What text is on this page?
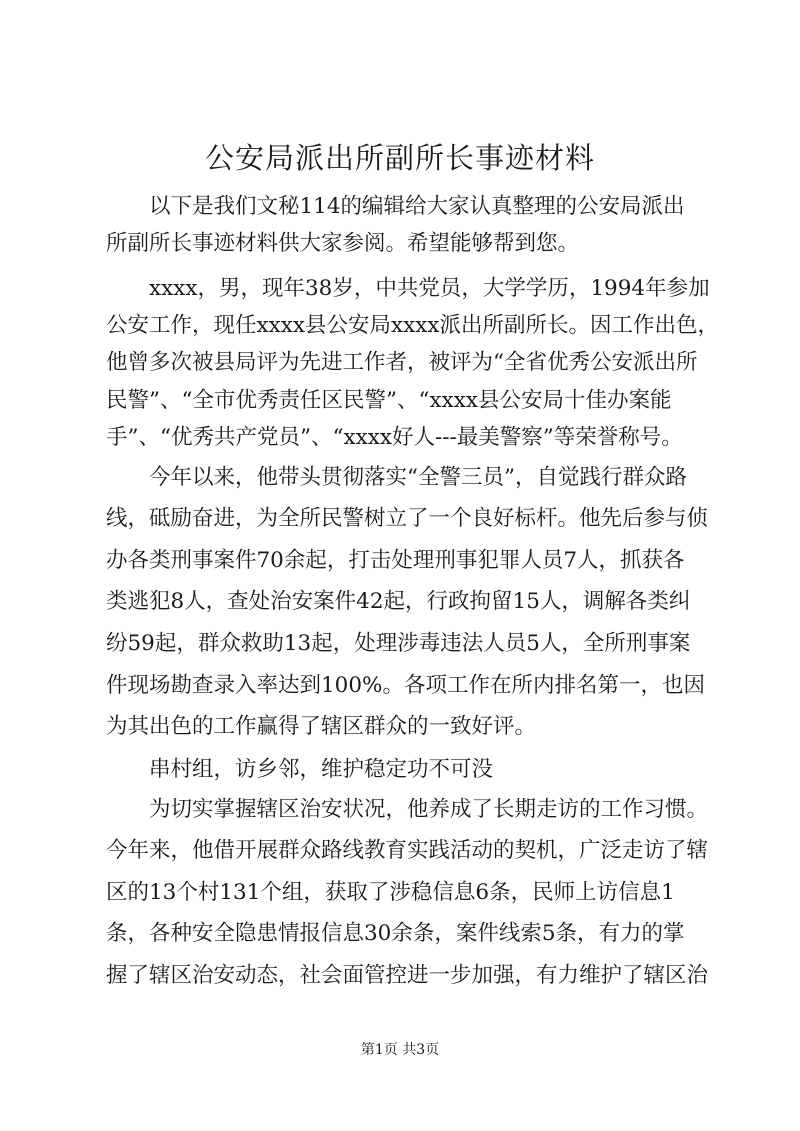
公安局派出所副所长事迹材料

　　以下是我们文秘114的编辑给大家认真整理的公安局派出

所副所长事迹材料供大家参阅。希望能够帮到您。

　　xxxx，男，现年38岁，中共党员，大学学历，1994年参加

公安工作，现任xxxx县公安局xxxx派出所副所长。因工作出色，

他曾多次被县局评为先进工作者，被评为“全省优秀公安派出所

民警”、“全市优秀责任区民警”、“xxxx县公安局十佳办案能

手”、“优秀共产党员”、“xxxx好人---最美警察”等荣誉称号。

　　今年以来，他带头贯彻落实“全警三员”，自觉践行群众路

线，砥励奋进，为全所民警树立了一个良好标杆。他先后参与侦

办各类刑事案件70余起，打击处理刑事犯罪人员7人，抓获各

类逃犯8人，查处治安案件42起，行政拘留15人，调解各类纠

纷59起，群众救助13起，处理涉毒违法人员5人，全所刑事案

件现场勘查录入率达到100%。各项工作在所内排名第一，也因

为其出色的工作赢得了辖区群众的一致好评。

　　串村组，访乡邻，维护稳定功不可没

　　为切实掌握辖区治安状况，他养成了长期走访的工作习惯。

今年来，他借开展群众路线教育实践活动的契机，广泛走访了辖

区的13个村131个组，获取了涉稳信息6条，民师上访信息1

条，各种安全隐患情报信息30余条，案件线索5条，有力的掌

握了辖区治安动态，社会面管控进一步加强，有力维护了辖区治

第1页 共3页
